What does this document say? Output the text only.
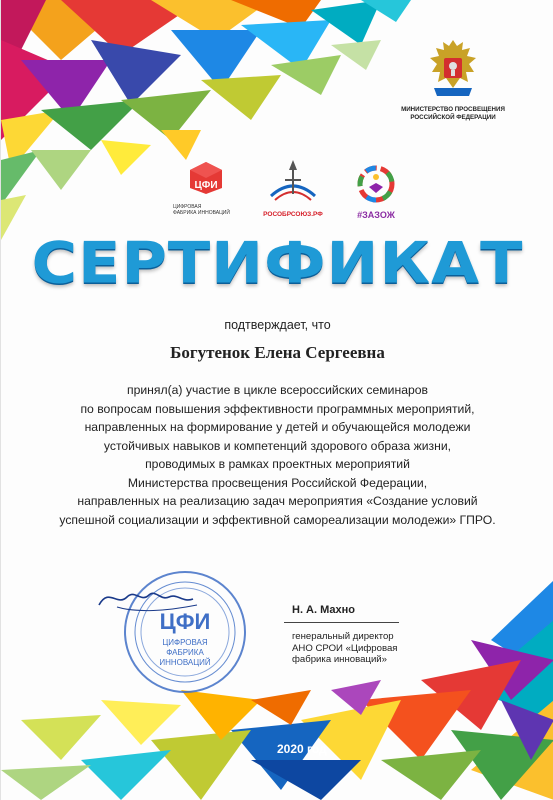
МИНИСТЕРСТВО ПРОСВЕЩЕНИЯ
РОССИЙСКОЙ ФЕДЕРАЦИИ
ЦФИ
ЦИФРОВАЯ
ФАБРИКА ИННОВАЦИЙ	РОСОБРСОЮЗ.РФ	#ЗАЗОЖ
СЕРТИФИКАТ
подтверждает, что
Богутенок Елена Сергеевна
принял(а) участие в цикле всероссийских семинаров
по вопросам повышения эффективности программных мероприятий,
направленных на формирование у детей и обучающейся молодежи
устойчивых навыков и компетенций здорового образа жизни,
проводимых в рамках проектных мероприятий
Министерства просвещения Российской Федерации,
направленных на реализацию задач мероприятия «Создание условий
успешной социализации и эффективной самореализации молодежи» ГПРО.
ЦФИ
ЦИФРОВАЯ
ФАБРИКА
ИННОВАЦИЙ
Н. А. Махно
генеральный директор
АНО СРОИ «Цифровая
фабрика инноваций»
2020 год
